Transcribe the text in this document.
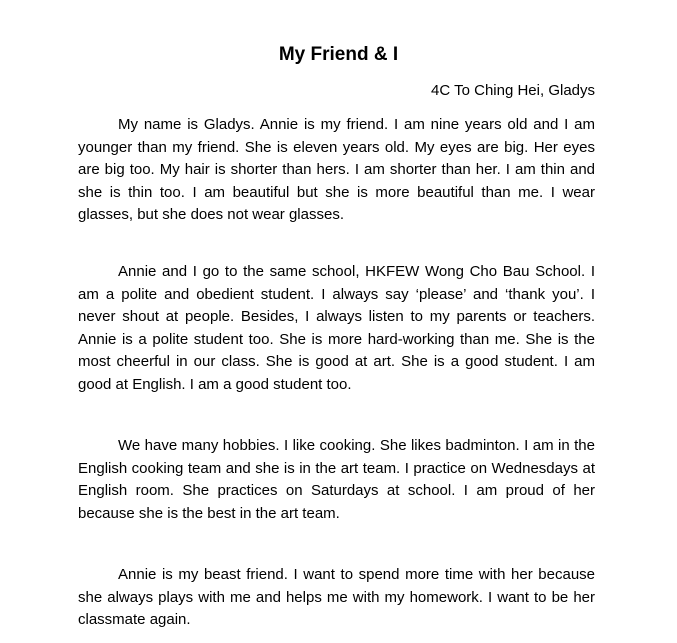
My Friend & I

4C To Ching Hei, Gladys

My name is Gladys. Annie is my friend. I am nine years old and I am younger than my friend. She is eleven years old. My eyes are big. Her eyes are big too. My hair is shorter than hers. I am shorter than her. I am thin and she is thin too. I am beautiful but she is more beautiful than me. I wear glasses, but she does not wear glasses.

Annie and I go to the same school, HKFEW Wong Cho Bau School. I am a polite and obedient student. I always say ‘please’ and ‘thank you’. I never shout at people. Besides, I always listen to my parents or teachers. Annie is a polite student too. She is more hard-working than me. She is the most cheerful in our class. She is good at art. She is a good student. I am good at English. I am a good student too.

We have many hobbies. I like cooking. She likes badminton. I am in the English cooking team and she is in the art team. I practice on Wednesdays at English room. She practices on Saturdays at school. I am proud of her because she is the best in the art team.

Annie is my beast friend. I want to spend more time with her because she always plays with me and helps me with my homework. I want to be her classmate again.
